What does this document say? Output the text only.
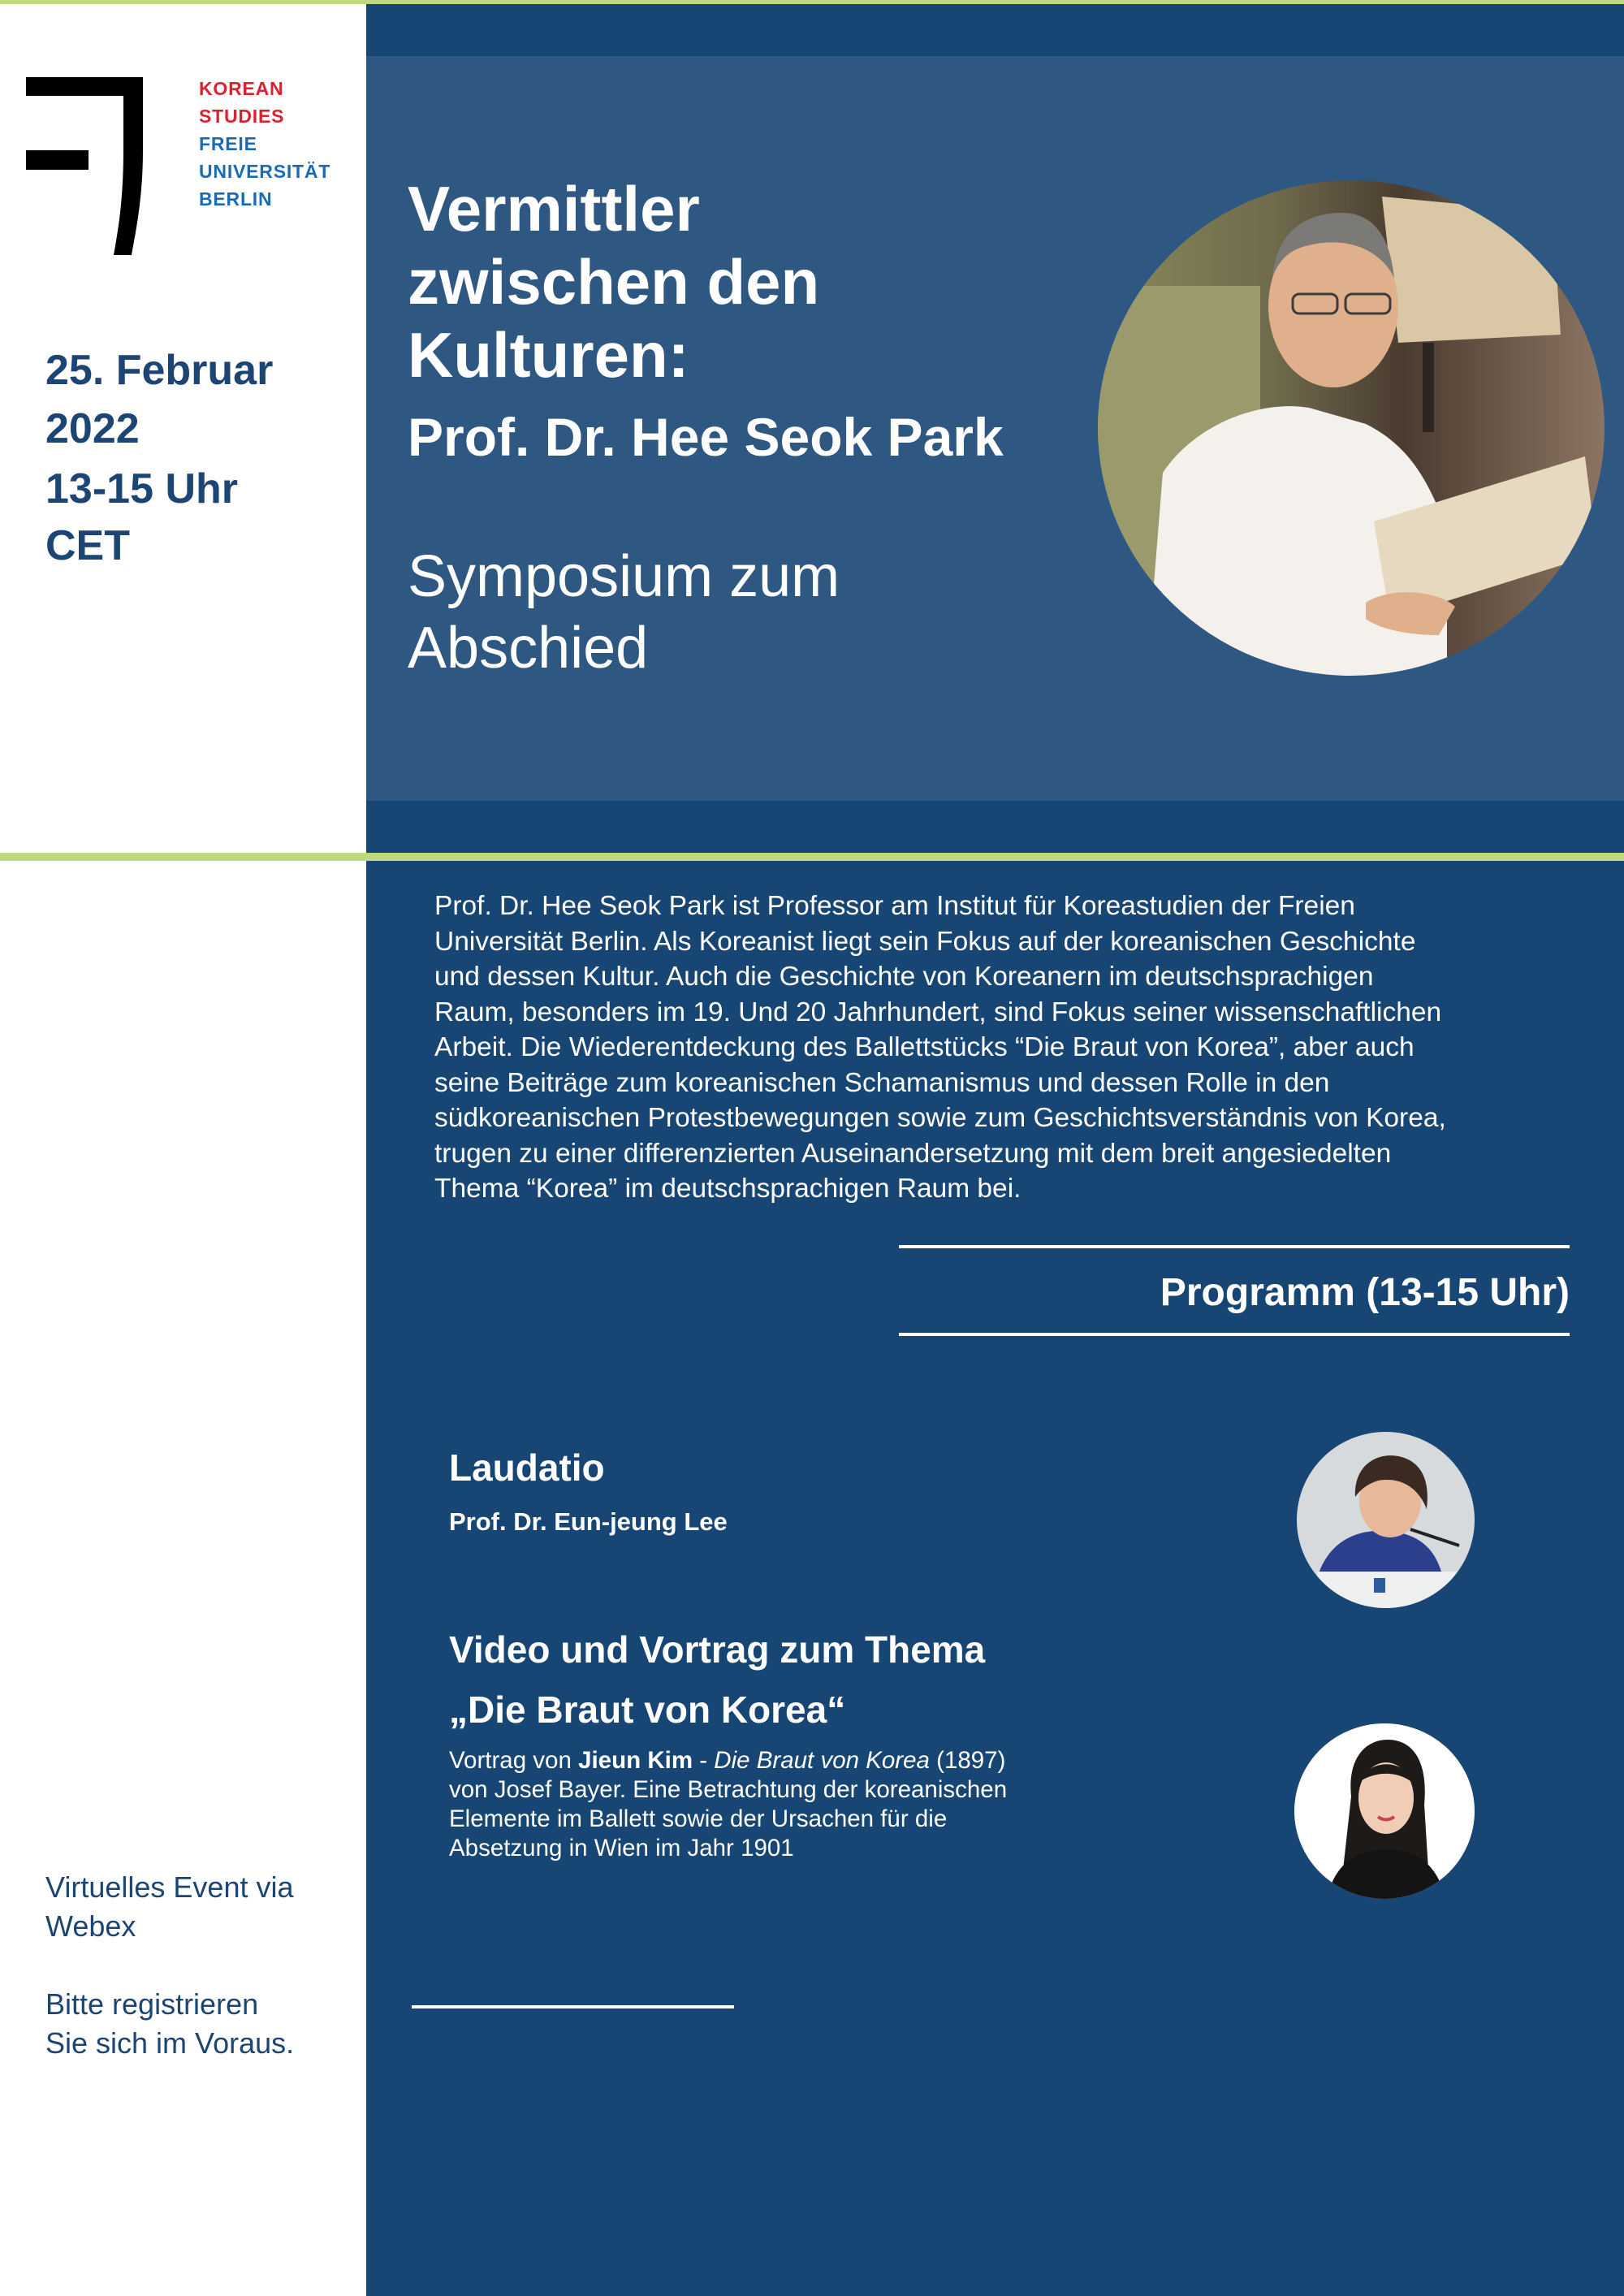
KOREAN
STUDIES
FREIE
UNIVERSITÄT
BERLIN
25. Februar
2022
13-15 Uhr
CET
Vermittler
zwischen den
Kulturen:
Prof. Dr. Hee Seok Park
Symposium zum
Abschied
Prof. Dr. Hee Seok Park ist Professor am Institut für Koreastudien der Freien
Universität Berlin. Als Koreanist liegt sein Fokus auf der koreanischen Geschichte
und dessen Kultur. Auch die Geschichte von Koreanern im deutschsprachigen
Raum, besonders im 19. Und 20 Jahrhundert, sind Fokus seiner wissenschaftlichen
Arbeit. Die Wiederentdeckung des Ballettstücks “Die Braut von Korea”, aber auch
seine Beiträge zum koreanischen Schamanismus und dessen Rolle in den
südkoreanischen Protestbewegungen sowie zum Geschichtsverständnis von Korea,
trugen zu einer differenzierten Auseinandersetzung mit dem breit angesiedelten
Thema “Korea” im deutschsprachigen Raum bei.
Programm (13-15 Uhr)
Laudatio
Prof. Dr. Eun-jeung Lee
Video und Vortrag zum Thema
„Die Braut von Korea“
Vortrag von Jieun Kim - Die Braut von Korea (1897)
von Josef Bayer. Eine Betrachtung der koreanischen
Elemente im Ballett sowie der Ursachen für die
Absetzung in Wien im Jahr 1901
Virtuelles Event via
Webex
Bitte registrieren
Sie sich im Voraus.
